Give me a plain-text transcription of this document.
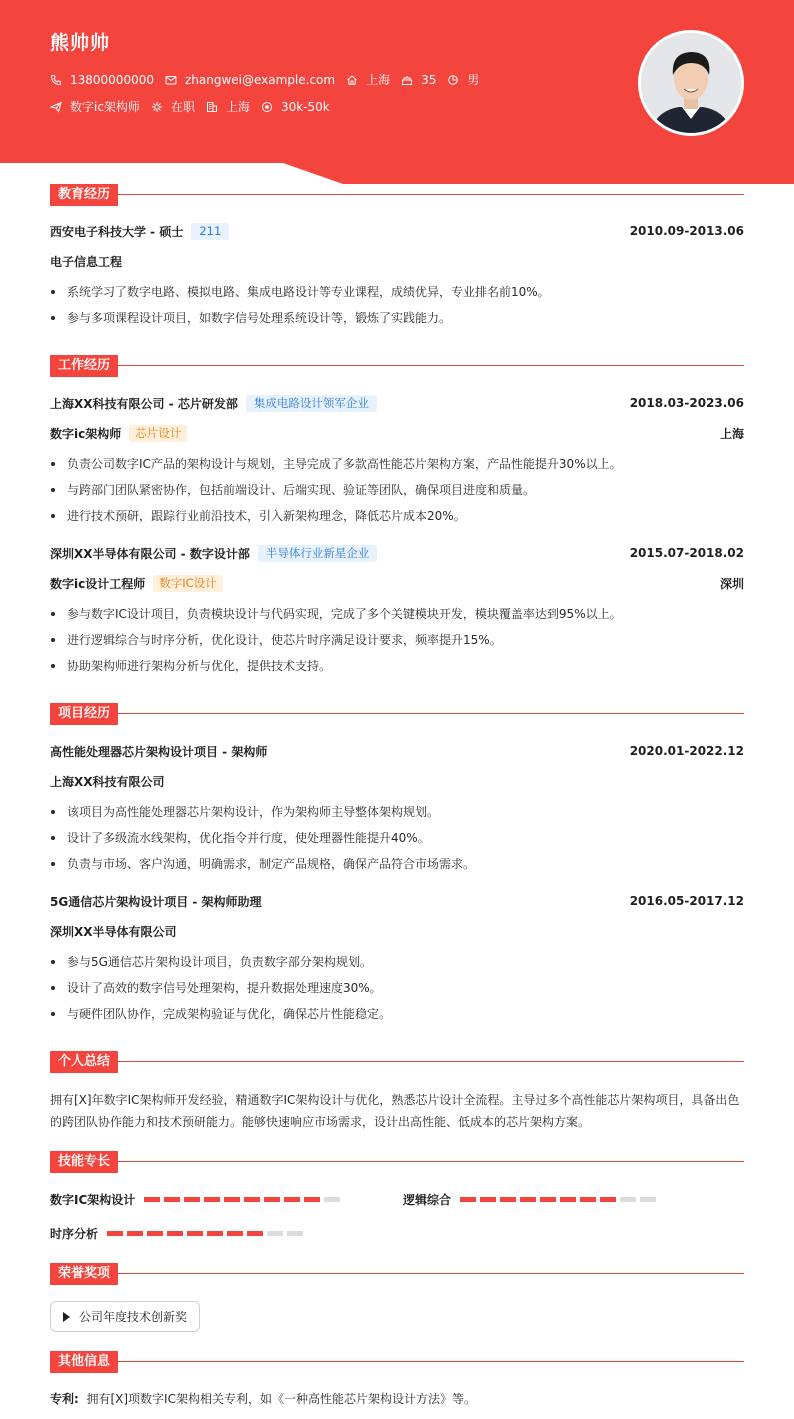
熊帅帅
13800000000	zhangwei@example.com	上海	35	男
数字ic架构师	在职	上海	30k-50k
教育经历
西安电子科技大学 - 硕士	211	2010.09-2013.06
电子信息工程
系统学习了数字电路、模拟电路、集成电路设计等专业课程，成绩优异，专业排名前10%。
参与多项课程设计项目，如数字信号处理系统设计等，锻炼了实践能力。
工作经历
上海XX科技有限公司 - 芯片研发部	集成电路设计领军企业	2018.03-2023.06
数字ic架构师	芯片设计	上海
负责公司数字IC产品的架构设计与规划，主导完成了多款高性能芯片架构方案，产品性能提升30%以上。
与跨部门团队紧密协作，包括前端设计、后端实现、验证等团队，确保项目进度和质量。
进行技术预研，跟踪行业前沿技术，引入新架构理念，降低芯片成本20%。
深圳XX半导体有限公司 - 数字设计部	半导体行业新星企业	2015.07-2018.02
数字ic设计工程师	数字IC设计	深圳
参与数字IC设计项目，负责模块设计与代码实现，完成了多个关键模块开发，模块覆盖率达到95%以上。
进行逻辑综合与时序分析，优化设计，使芯片时序满足设计要求，频率提升15%。
协助架构师进行架构分析与优化，提供技术支持。
项目经历
高性能处理器芯片架构设计项目 - 架构师	2020.01-2022.12
上海XX科技有限公司
该项目为高性能处理器芯片架构设计，作为架构师主导整体架构规划。
设计了多级流水线架构，优化指令并行度，使处理器性能提升40%。
负责与市场、客户沟通，明确需求，制定产品规格，确保产品符合市场需求。
5G通信芯片架构设计项目 - 架构师助理	2016.05-2017.12
深圳XX半导体有限公司
参与5G通信芯片架构设计项目，负责数字部分架构规划。
设计了高效的数字信号处理架构，提升数据处理速度30%。
与硬件团队协作，完成架构验证与优化，确保芯片性能稳定。
个人总结
拥有[X]年数字IC架构师开发经验，精通数字IC架构设计与优化，熟悉芯片设计全流程。主导过多个高性能芯片架构项目，具备出色的跨团队协作能力和技术预研能力。能够快速响应市场需求，设计出高性能、低成本的芯片架构方案。
技能专长
数字IC架构设计	逻辑综合
时序分析
荣誉奖项
公司年度技术创新奖
其他信息
专利: 拥有[X]项数字IC架构相关专利，如《一种高性能芯片架构设计方法》等。
